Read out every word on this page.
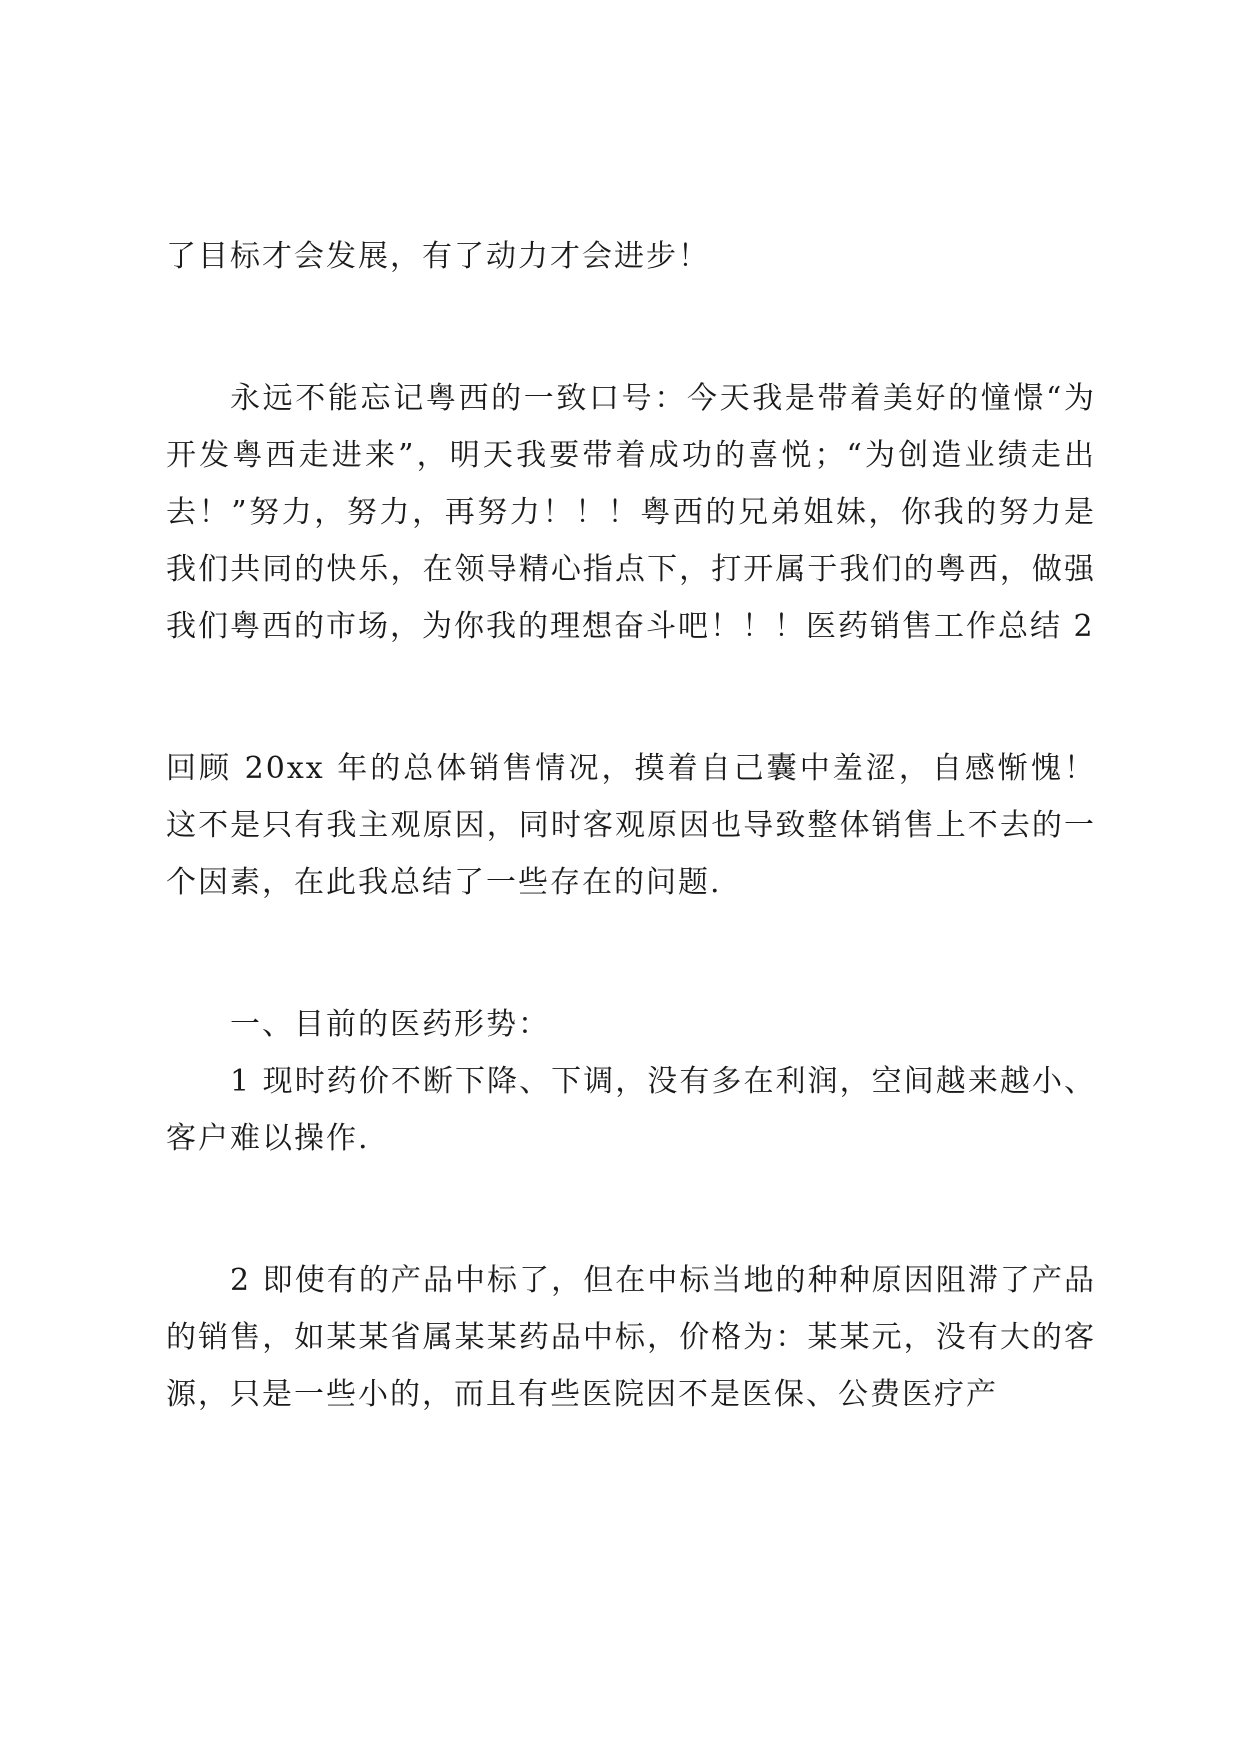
了目标才会发展，有了动力才会进步！

永远不能忘记粤西的一致口号：今天我是带着美好的憧憬“为开发粤西走进来”，明天我要带着成功的喜悦；“为创造业绩走出去！”努力，努力，再努力！！！粤西的兄弟姐妹，你我的努力是我们共同的快乐，在领导精心指点下，打开属于我们的粤西，做强我们粤西的市场，为你我的理想奋斗吧！！！医药销售工作总结 2

回顾 20xx 年的总体销售情况，摸着自己囊中羞涩，自感惭愧！这不是只有我主观原因，同时客观原因也导致整体销售上不去的一个因素，在此我总结了一些存在的问题.

一、目前的医药形势：

1 现时药价不断下降、下调，没有多在利润，空间越来越小、客户难以操作.

2 即使有的产品中标了，但在中标当地的种种原因阻滞了产品的销售，如某某省属某某药品中标，价格为：某某元，没有大的客源，只是一些小的，而且有些医院因不是医保、公费医疗产
